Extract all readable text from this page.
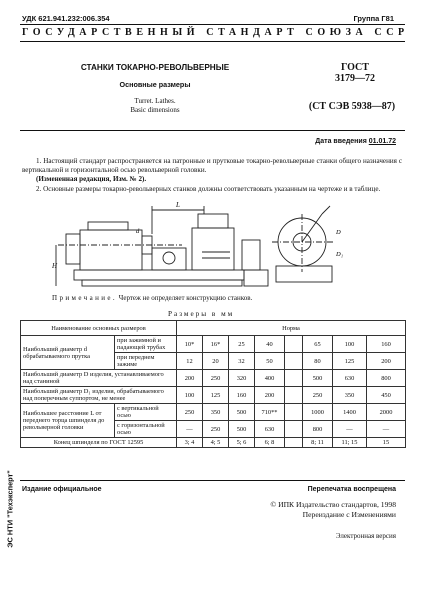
УДК 621.941.232:006.354	Группа Г81
ГОСУДАРСТВЕННЫЙ СТАНДАРТ СОЮЗА ССР
СТАНКИ ТОКАРНО-РЕВОЛЬВЕРНЫЕ
Основные размеры
Turret. Lathes.
Basic dimensions
ГОСТ
3179—72
(СТ СЭВ 5938—87)
Дата введения 01.01.72
1. Настоящий стандарт распространяется на патронные и прутковые токарно-револьверные станки общего назначения с вертикальной и горизонтальной осью револьверной головки.
(Измененная редакция, Изм. № 2).
2. Основные размеры токарно-револьверных станков должны соответствовать указанным на чертеже и в таблице.
L
H
d	D
D₁
Примечание. Чертеж не определяет конструкцию станков.
Размеры в мм
Наименование основных размеров		Норма							
Наибольший диаметр d обрабатываемого прутка	при зажимной и падающей трубах	10*	16*	25	40		65	100	160
	при переднем зажиме	12	20	32	50		80	125	200
Наибольший диаметр D изделия, устанавливаемого над станиной		200	250	320	400		500	630	800
Наибольший диаметр D₁ изделия, обрабатываемого над поперечным суппортом, не менее		100	125	160	200		250	350	450
Наибольшее расстояние L от переднего торца шпинделя до револьверной головки	с вертикальной осью	250	350	500	710**		1000	1400	2000
	с горизонтальной осью	—	250	500	630		800	—	—
Конец шпинделя по ГОСТ 12595		3; 4	4; 5	5; 6	6; 8		8; 11	11; 15	15
Издание официальное	Перепечатка воспрещена
© ИПК Издательство стандартов, 1998
Переиздание с Изменениями
Электронная версия
ЭС НТИ "Техэксперт"
